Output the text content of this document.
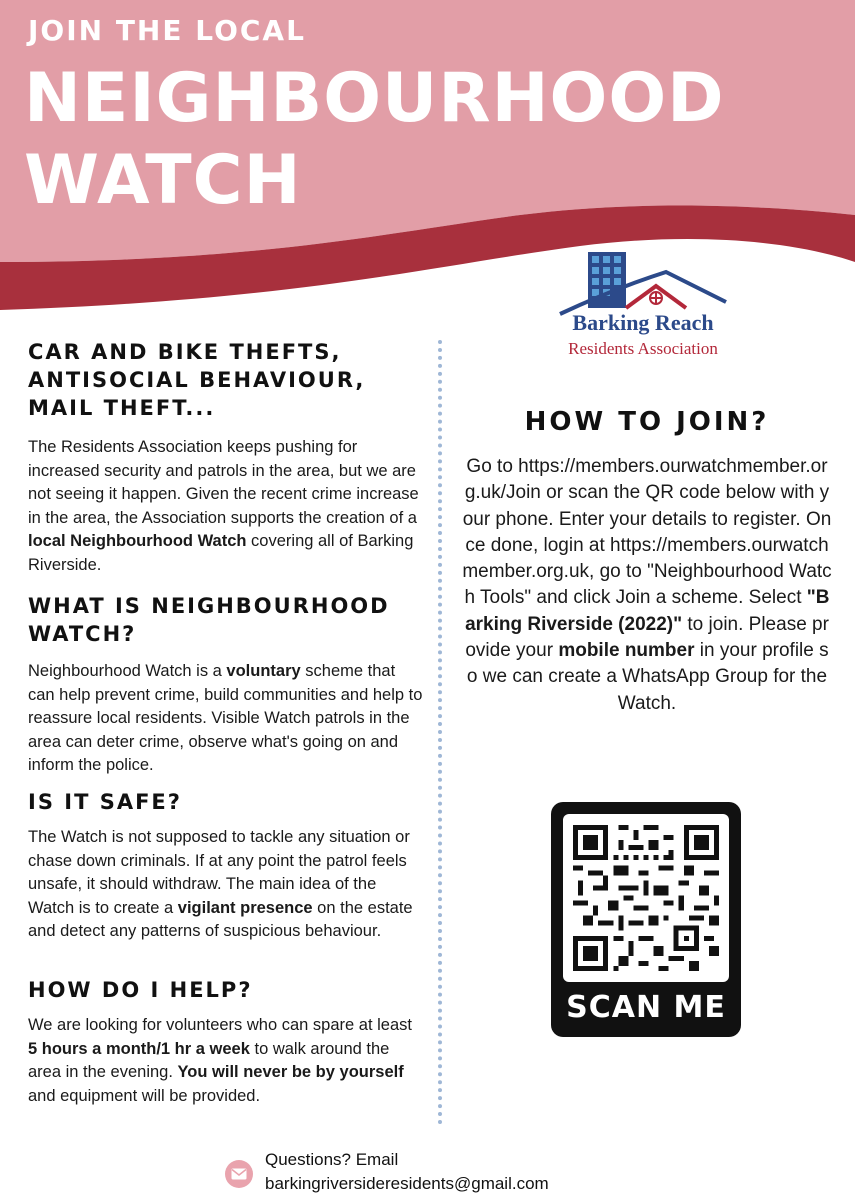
JOIN THE LOCAL
NEIGHBOURHOOD
WATCH
Barking Reach
Residents Association
CAR AND BIKE THEFTS, ANTISOCIAL BEHAVIOUR, MAIL THEFT...

The Residents Association keeps pushing for increased security and patrols in the area, but we are not seeing it happen. Given the recent crime increase in the area, the Association supports the creation of a local Neighbourhood Watch covering all of Barking Riverside.

WHAT IS NEIGHBOURHOOD WATCH?

Neighbourhood Watch is a voluntary scheme that can help prevent crime, build communities and help to reassure local residents. Visible Watch patrols in the area can deter crime, observe what's going on and inform the police.

IS IT SAFE?

The Watch is not supposed to tackle any situation or chase down criminals. If at any point the patrol feels unsafe, it should withdraw. The main idea of the Watch is to create a vigilant presence on the estate and detect any patterns of suspicious behaviour.

HOW DO I HELP?

We are looking for volunteers who can spare at least 5 hours a month/1 hr a week to walk around the area in the evening. You will never be by yourself and equipment will be provided.

HOW TO JOIN?

Go to https://members.ourwatchmember.org.uk/Join or scan the QR code below with your phone. Enter your details to register. Once done, login at https://members.ourwatchmember.org.uk, go to "Neighbourhood Watch Tools" and click Join a scheme. Select "Barking Riverside (2022)" to join. Please provide your mobile number in your profile so we can create a WhatsApp Group for the Watch.

SCAN ME
Questions? Email
barkingriversideresidents@gmail.com
